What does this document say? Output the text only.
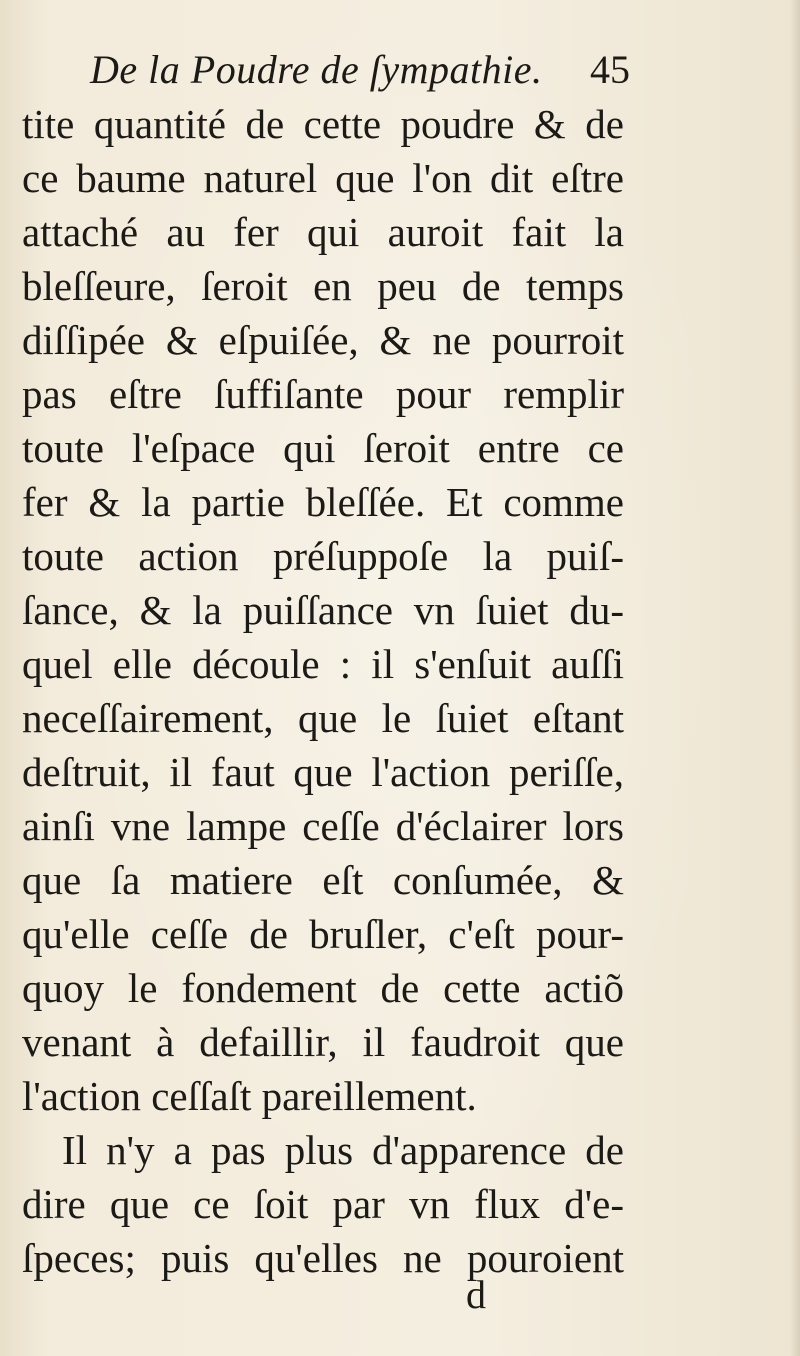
De la Poudre de ſympathie. 45
tite quantité de cette poudre & de
ce baume naturel que l'on dit eſtre
attaché au fer qui auroit fait la
bleſſeure, ſeroit en peu de temps
diſſipée & eſpuiſée, & ne pourroit
pas eſtre ſuffiſante pour remplir
toute l'eſpace qui ſeroit entre ce
fer & la partie bleſſée. Et comme
toute action préſuppoſe la puiſ-
ſance, & la puiſſance vn ſuiet du-
quel elle découle : il s'enſuit auſſi
neceſſairement, que le ſuiet eſtant
deſtruit, il faut que l'action periſſe,
ainſi vne lampe ceſſe d'éclairer lors
que ſa matiere eſt conſumée, &
qu'elle ceſſe de bruſler, c'eſt pour-
quoy le fondement de cette actiõ
venant à defaillir, il faudroit que
l'action ceſſaſt pareillement.
Il n'y a pas plus d'apparence de
dire que ce ſoit par vn flux d'e-
ſpeces; puis qu'elles ne pouroient
d
